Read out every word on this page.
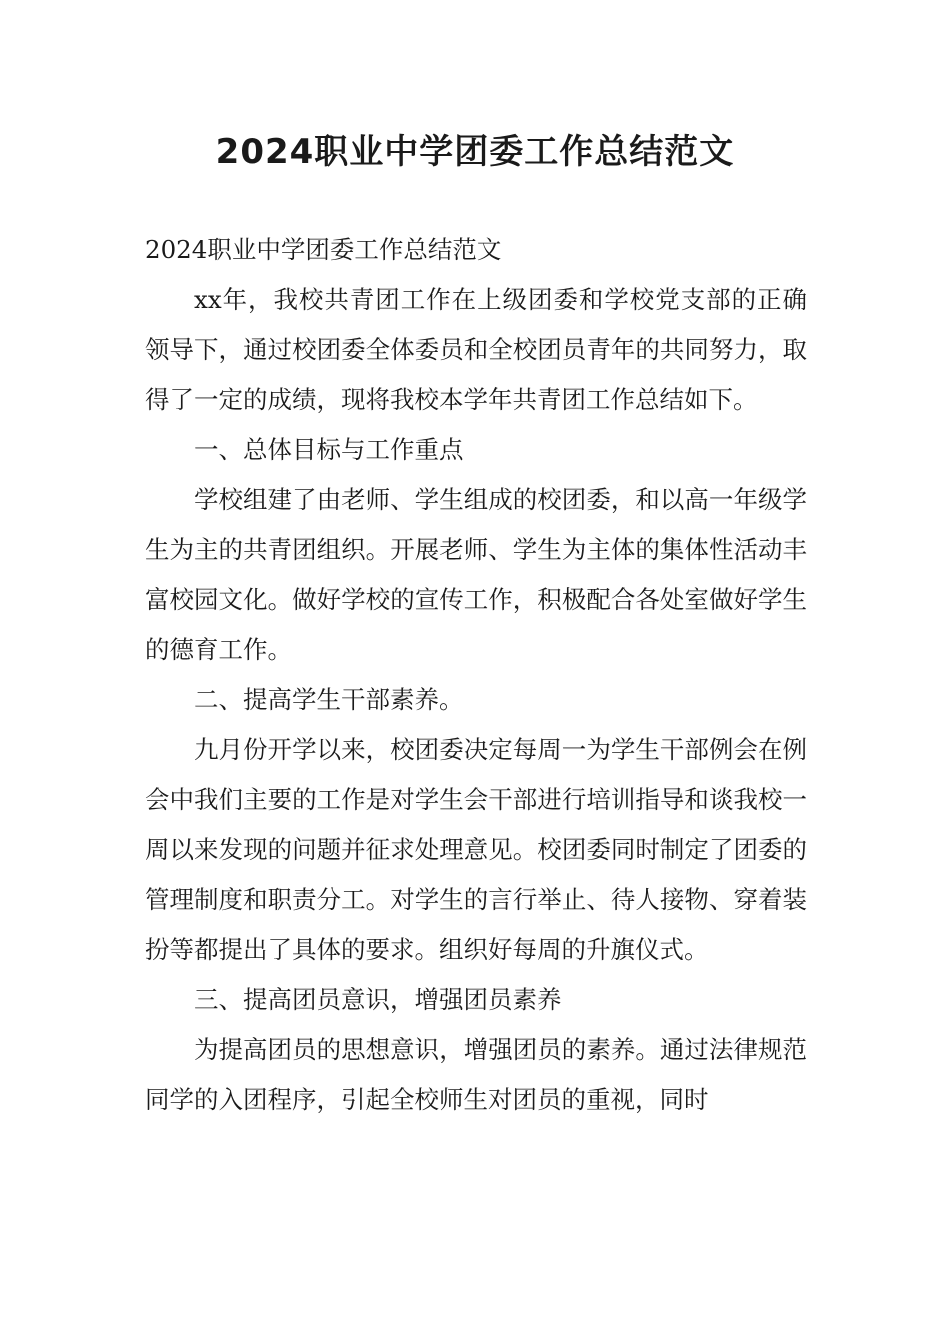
2024职业中学团委工作总结范文

2024职业中学团委工作总结范文

xx年，我校共青团工作在上级团委和学校党支部的正确领导下，通过校团委全体委员和全校团员青年的共同努力，取得了一定的成绩，现将我校本学年共青团工作总结如下。

一、总体目标与工作重点

学校组建了由老师、学生组成的校团委，和以高一年级学生为主的共青团组织。开展老师、学生为主体的集体性活动丰富校园文化。做好学校的宣传工作，积极配合各处室做好学生的德育工作。

二、提高学生干部素养。

九月份开学以来，校团委决定每周一为学生干部例会在例会中我们主要的工作是对学生会干部进行培训指导和谈我校一周以来发现的问题并征求处理意见。校团委同时制定了团委的管理制度和职责分工。对学生的言行举止、待人接物、穿着装扮等都提出了具体的要求。组织好每周的升旗仪式。

三、提高团员意识，增强团员素养

为提高团员的思想意识，增强团员的素养。通过法律规范同学的入团程序，引起全校师生对团员的重视，同时
